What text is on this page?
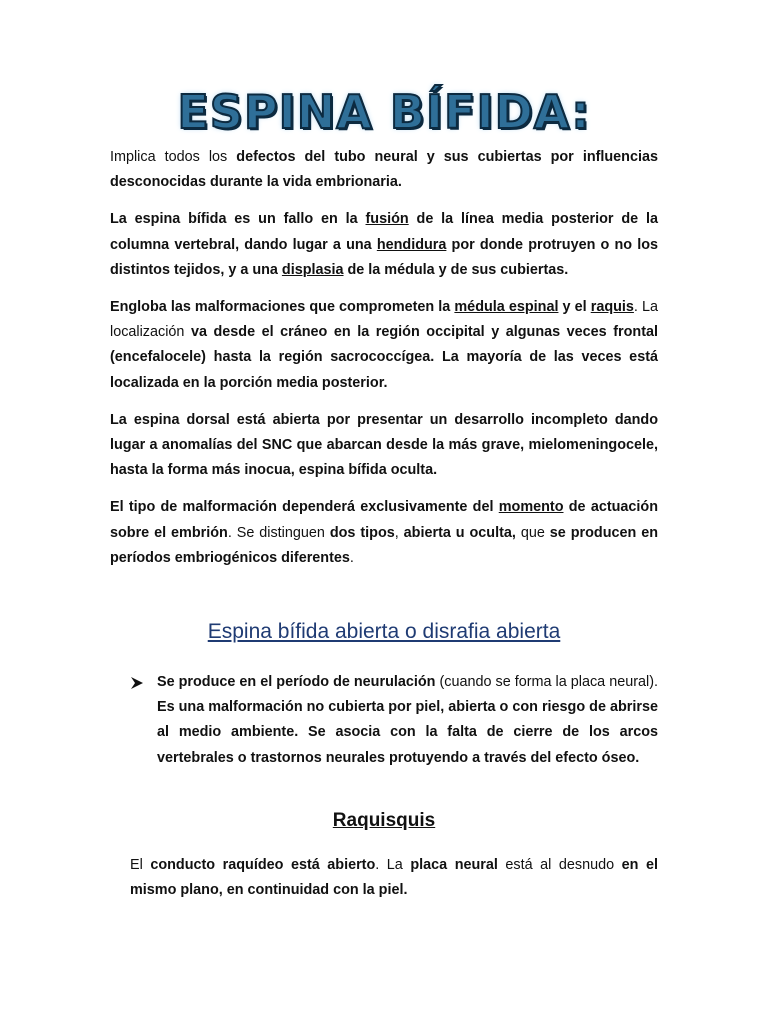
ESPINA BÍFIDA:

Implica todos los defectos del tubo neural y sus cubiertas por influencias desconocidas durante la vida embrionaria.

La espina bífida es un fallo en la fusión de la línea media posterior de la columna vertebral, dando lugar a una hendidura por donde protruyen o no los distintos tejidos, y a una displasia de la médula y de sus cubiertas.

Engloba las malformaciones que comprometen la médula espinal y el raquis. La localización va desde el cráneo en la región occipital y algunas veces frontal (encefalocele) hasta la región sacrococcígea. La mayoría de las veces está localizada en la porción media posterior.

La espina dorsal está abierta por presentar un desarrollo incompleto dando lugar a anomalías del SNC que abarcan desde la más grave, mielomeningocele, hasta la forma más inocua, espina bífida oculta.

El tipo de malformación dependerá exclusivamente del momento de actuación sobre el embrión. Se distinguen dos tipos, abierta u oculta, que se producen en períodos embriogénicos diferentes.

Espina bífida abierta o disrafia abierta

Se produce en el período de neurulación (cuando se forma la placa neural). Es una malformación no cubierta por piel, abierta o con riesgo de abrirse al medio ambiente. Se asocia con la falta de cierre de los arcos vertebrales o trastornos neurales protuyendo a través del efecto óseo.

Raquisquis

El conducto raquídeo está abierto. La placa neural está al desnudo en el mismo plano, en continuidad con la piel.
